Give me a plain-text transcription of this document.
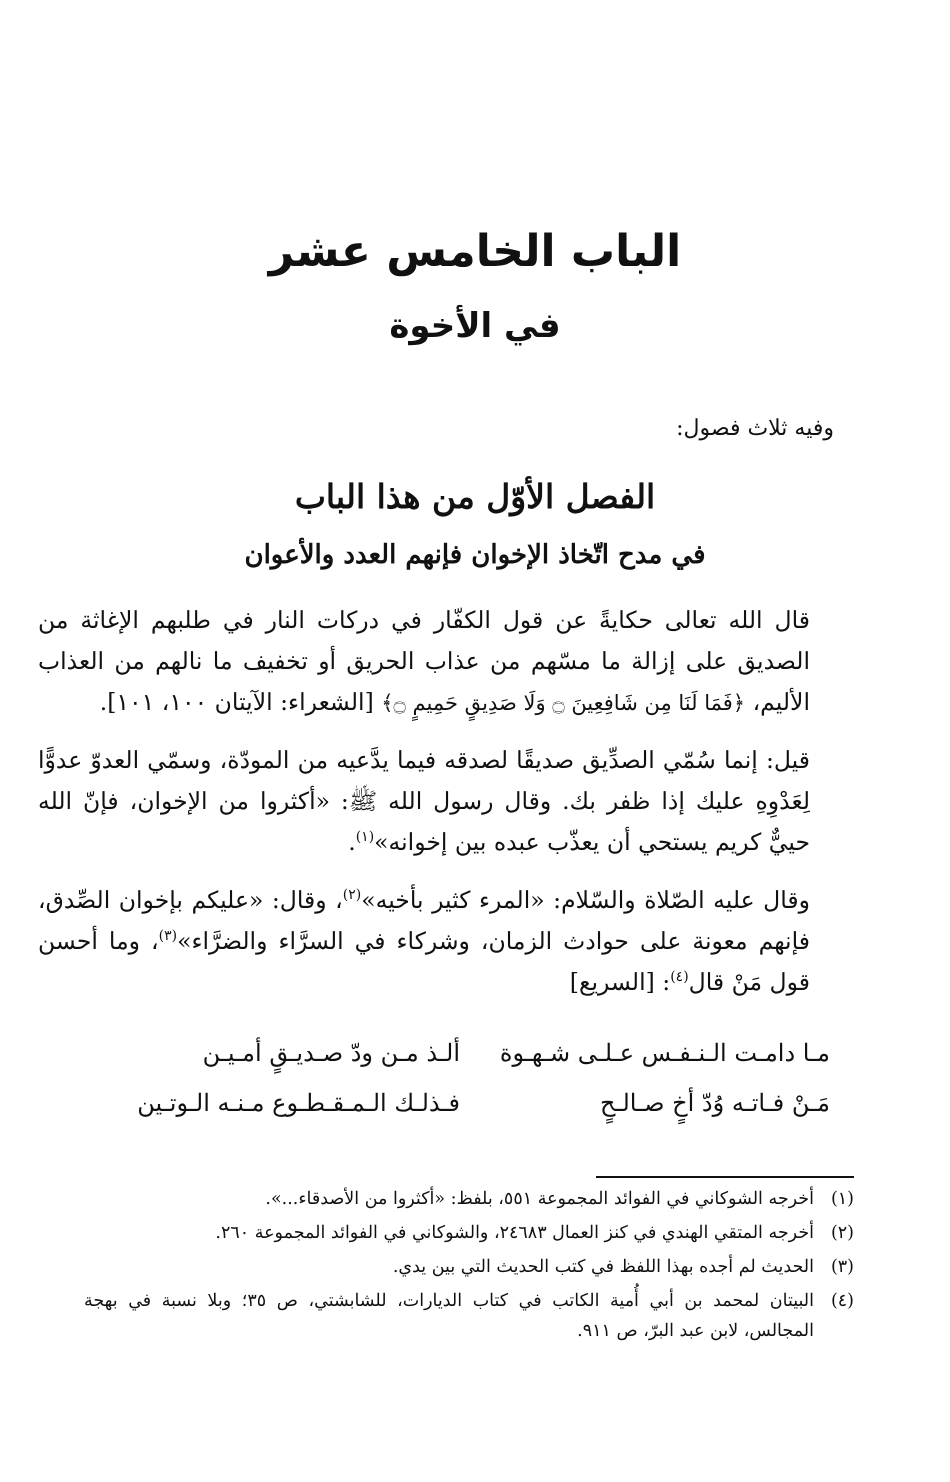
الباب الخامس عشر
في الأخوة
وفيه ثلاث فصول:
الفصل الأوّل من هذا الباب
في مدح اتّخاذ الإخوان فإنهم العدد والأعوان
قال الله تعالى حكايةً عن قول الكفّار في دركات النار في طلبهم الإغاثة من الصديق على إزالة ما مسّهم من عذاب الحريق أو تخفيف ما نالهم من العذاب الأليم، ﴿فَمَا لَنَا مِن شَافِعِينَ ۝ وَلَا صَدِيقٍ حَمِيمٍ ۝﴾ [الشعراء: الآيتان ١٠٠، ١٠١].
قيل: إنما سُمّي الصدِّيق صديقًا لصدقه فيما يدَّعيه من المودّة، وسمّي العدوّ عدوًّا لِعَدْوِهِ عليك إذا ظفر بك. وقال رسول الله ﷺ: «أكثروا من الإخوان، فإنّ الله حييٌّ كريم يستحي أن يعذّب عبده بين إخوانه»$^{(١)}$.
وقال عليه الصّلاة والسّلام: «المرء كثير بأخيه»$^{(٢)}$، وقال: «عليكم بإخوان الصِّدق، فإنهم معونة على حوادث الزمان، وشركاء في السرَّاء والضرَّاء»$^{(٣)}$، وما أحسن قول مَنْ قال$^{(٤)}$: [السريع]
مـا دامـت الـنـفـس عـلـى شـهـوة
ألـذ مـن ودّ صـديـقٍ أمـيـن
مَـنْ فـاتـه وُدّ أخٍ صـالـحٍ
فـذلـك الـمـقـطـوع مـنـه الـوتـين
(١)
أخرجه الشوكاني في الفوائد المجموعة ٥٥١، بلفظ: «أكثروا من الأصدقاء...».
(٢)
أخرجه المتقي الهندي في كنز العمال ٢٤٦٨٣، والشوكاني في الفوائد المجموعة ٢٦٠.
(٣)
الحديث لم أجده بهذا اللفظ في كتب الحديث التي بين يدي.
(٤)
البيتان لمحمد بن أبي أُمية الكاتب في كتاب الديارات، للشابشتي، ص ٣٥؛ وبلا نسبة في بهجة المجالس، لابن عبد البرّ، ص ٩١١.
